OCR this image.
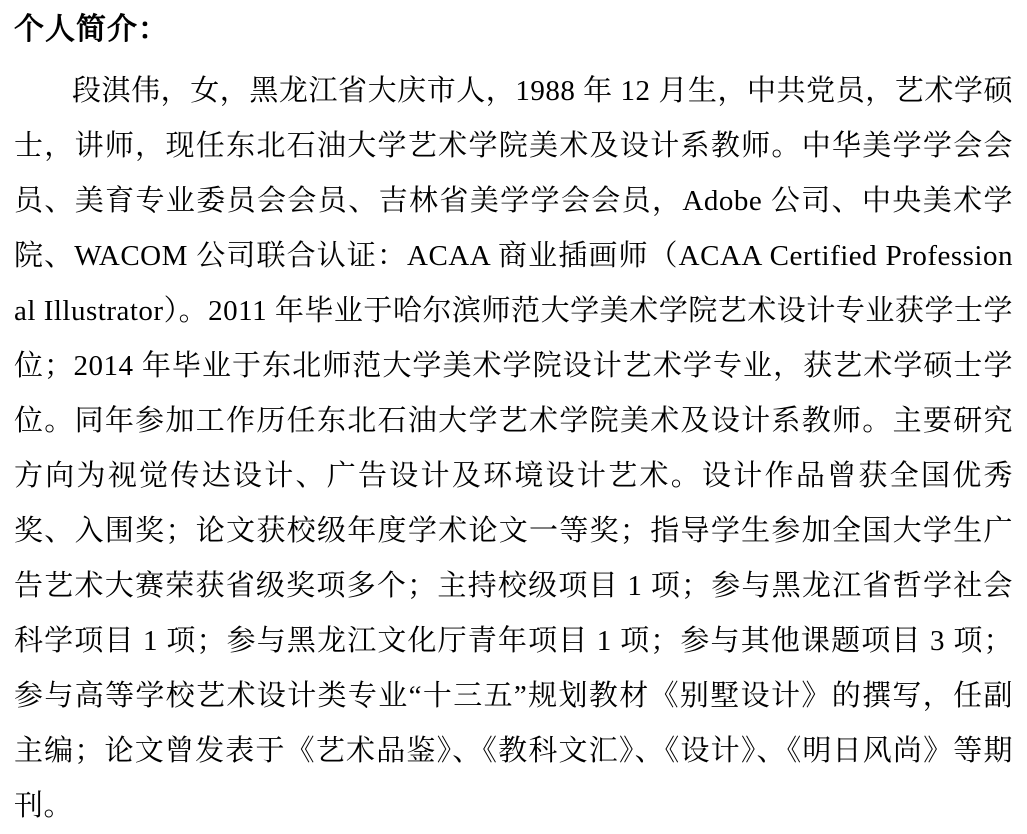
个人简介：

段淇伟，女，黑龙江省大庆市人，1988 年 12 月生，中共党员，艺术学硕士，讲师，现任东北石油大学艺术学院美术及设计系教师。中华美学学会会员、美育专业委员会会员、吉林省美学学会会员，Adobe 公司、中央美术学院、WACOM 公司联合认证：ACAA 商业插画师（ACAA Certified Professional Illustrator）。2011 年毕业于哈尔滨师范大学美术学院艺术设计专业获学士学位；2014 年毕业于东北师范大学美术学院设计艺术学专业，获艺术学硕士学位。同年参加工作历任东北石油大学艺术学院美术及设计系教师。主要研究方向为视觉传达设计、广告设计及环境设计艺术。设计作品曾获全国优秀奖、入围奖；论文获校级年度学术论文一等奖；指导学生参加全国大学生广告艺术大赛荣获省级奖项多个；主持校级项目 1 项；参与黑龙江省哲学社会科学项目 1 项；参与黑龙江文化厅青年项目 1 项；参与其他课题项目 3 项；参与高等学校艺术设计类专业“十三五”规划教材《别墅设计》的撰写，任副主编；论文曾发表于《艺术品鉴》、《教科文汇》、《设计》、《明日风尚》等期刊。
